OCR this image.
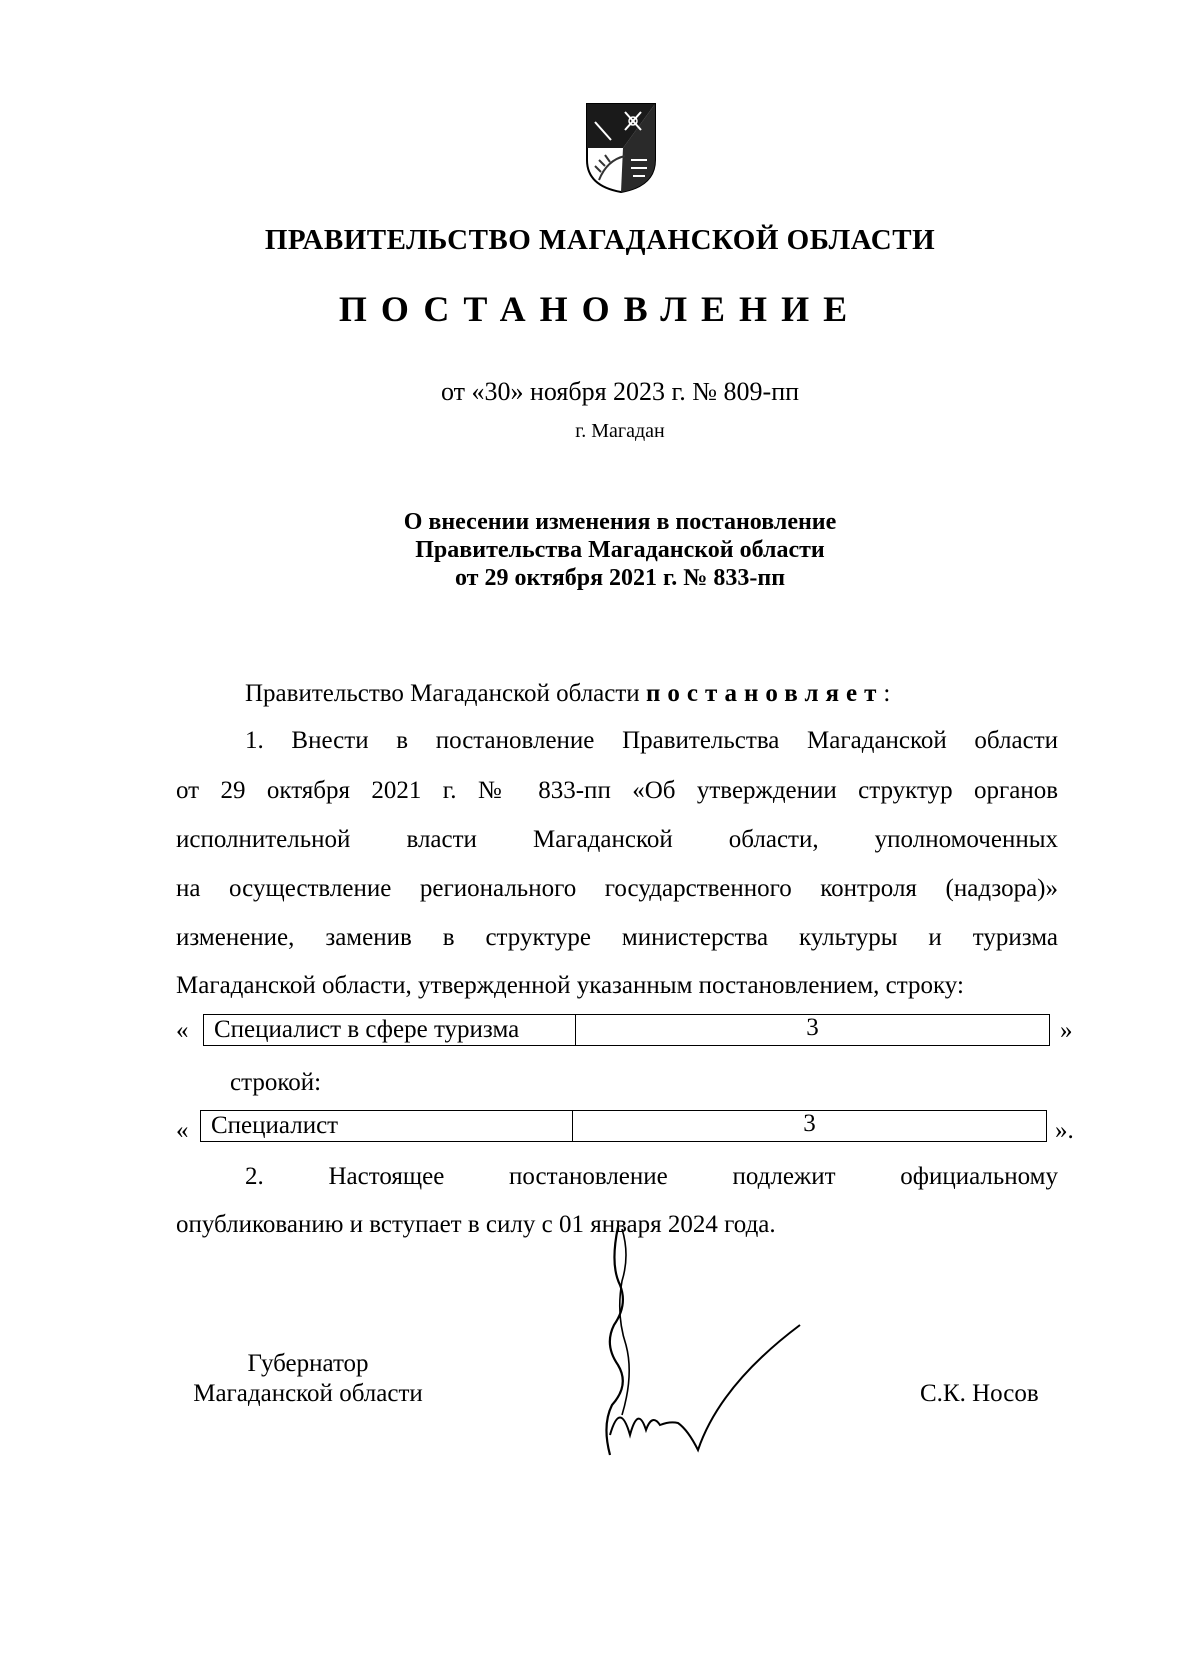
ПРАВИТЕЛЬСТВО МАГАДАНСКОЙ ОБЛАСТИ
ПОСТАНОВЛЕНИЕ
от «30» ноября 2023 г. № 809-пп
г. Магадан
О внесении изменения в постановление
Правительства Магаданской области
от 29 октября 2021 г. № 833-пп
Правительство Магаданской области постановляет:
1. Внести в постановление Правительства Магаданской области
от 29 октября 2021 г. № 833-пп «Об утверждении структур органов
исполнительной власти Магаданской области, уполномоченных
на осуществление регионального государственного контроля (надзора)»
изменение, заменив в структуре министерства культуры и туризма
Магаданской области, утвержденной указанным постановлением, строку:
«	Специалист в сфере туризма	3	»
строкой:
« Специалист	3	».
2. Настоящее постановление подлежит официальному
опубликованию и вступает в силу с 01 января 2024 года.
Губернатор
Магаданской области	С.К. Носов
